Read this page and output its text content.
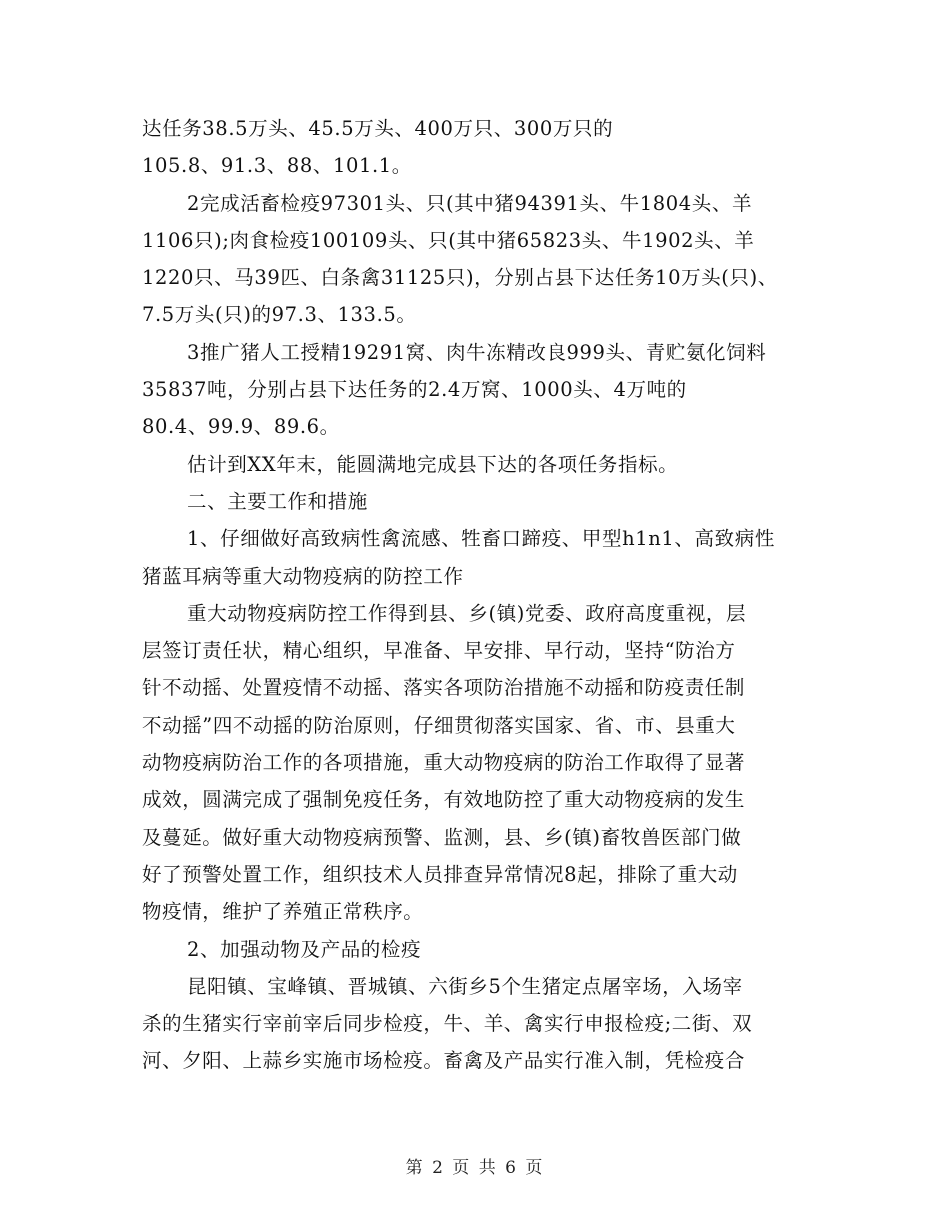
达任务38.5万头、45.5万头、400万只、300万只的
105.8、91.3、88、101.1。
2完成活畜检疫97301头、只(其中猪94391头、牛1804头、羊
1106只);肉食检疫100109头、只(其中猪65823头、牛1902头、羊
1220只、马39匹、白条禽31125只)，分别占县下达任务10万头(只)、
7.5万头(只)的97.3、133.5。
3推广猪人工授精19291窝、肉牛冻精改良999头、青贮氨化饲料
35837吨，分别占县下达任务的2.4万窝、1000头、4万吨的
80.4、99.9、89.6。
估计到XX年末，能圆满地完成县下达的各项任务指标。
二、主要工作和措施
1、仔细做好高致病性禽流感、牲畜口蹄疫、甲型h1n1、高致病性
猪蓝耳病等重大动物疫病的防控工作
重大动物疫病防控工作得到县、乡(镇)党委、政府高度重视，层
层签订责任状，精心组织，早准备、早安排、早行动，坚持“防治方
针不动摇、处置疫情不动摇、落实各项防治措施不动摇和防疫责任制
不动摇”四不动摇的防治原则，仔细贯彻落实国家、省、市、县重大
动物疫病防治工作的各项措施，重大动物疫病的防治工作取得了显著
成效，圆满完成了强制免疫任务，有效地防控了重大动物疫病的发生
及蔓延。做好重大动物疫病预警、监测，县、乡(镇)畜牧兽医部门做
好了预警处置工作，组织技术人员排查异常情况8起，排除了重大动
物疫情，维护了养殖正常秩序。
2、加强动物及产品的检疫
昆阳镇、宝峰镇、晋城镇、六街乡5个生猪定点屠宰场，入场宰
杀的生猪实行宰前宰后同步检疫，牛、羊、禽实行申报检疫;二街、双
河、夕阳、上蒜乡实施市场检疫。畜禽及产品实行准入制，凭检疫合
第 2 页 共 6 页
